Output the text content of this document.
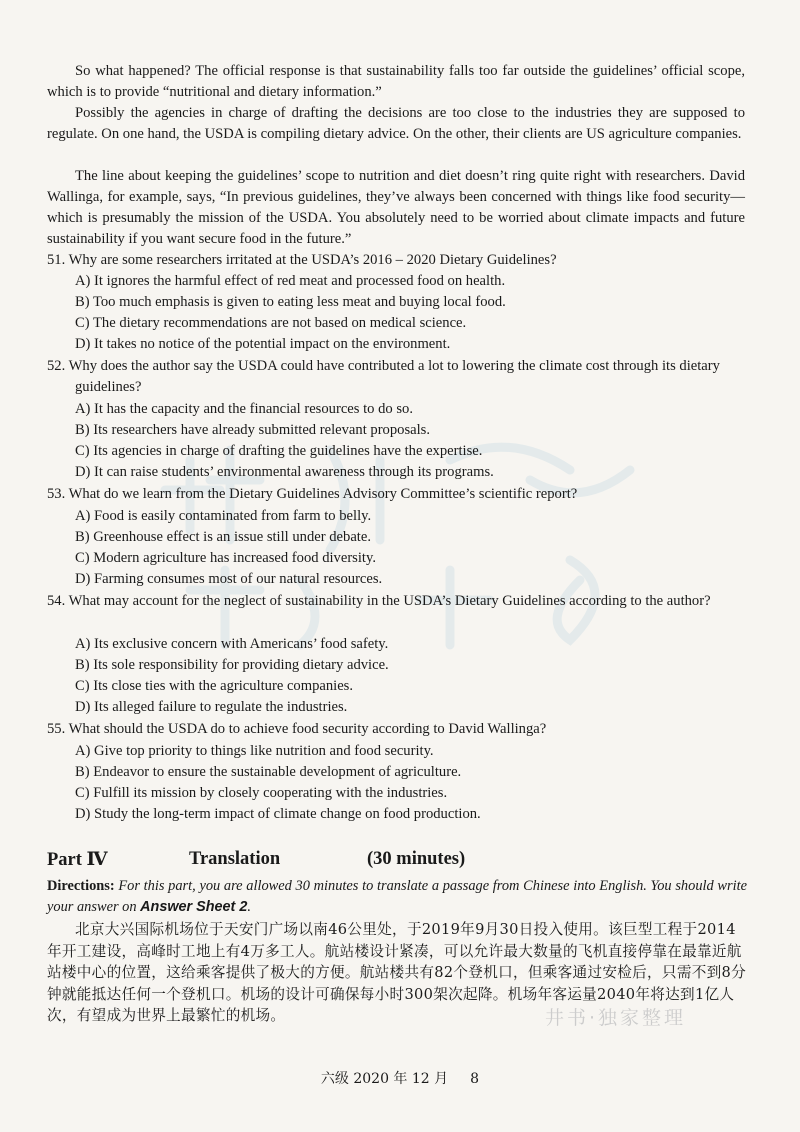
So what happened? The official response is that sustainability falls too far outside the guidelines’ official scope, which is to provide “nutritional and dietary information.”

Possibly the agencies in charge of drafting the decisions are too close to the industries they are supposed to regulate. On one hand, the USDA is compiling dietary advice. On the other, their clients are US agriculture companies.

The line about keeping the guidelines’ scope to nutrition and diet doesn’t ring quite right with researchers. David Wallinga, for example, says, “In previous guidelines, they’ve always been concerned with things like food security—which is presumably the mission of the USDA. You absolutely need to be worried about climate impacts and future sustainability if you want secure food in the future.”

51. Why are some researchers irritated at the USDA’s 2016 – 2020 Dietary Guidelines?

A) It ignores the harmful effect of red meat and processed food on health.

B) Too much emphasis is given to eating less meat and buying local food.

C) The dietary recommendations are not based on medical science.

D) It takes no notice of the potential impact on the environment.

52. Why does the author say the USDA could have contributed a lot to lowering the climate cost through its dietary guidelines?

A) It has the capacity and the financial resources to do so.

B) Its researchers have already submitted relevant proposals.

C) Its agencies in charge of drafting the guidelines have the expertise.

D) It can raise students’ environmental awareness through its programs.

53. What do we learn from the Dietary Guidelines Advisory Committee’s scientific report?

A) Food is easily contaminated from farm to belly.

B) Greenhouse effect is an issue still under debate.

C) Modern agriculture has increased food diversity.

D) Farming consumes most of our natural resources.

54. What may account for the neglect of sustainability in the USDA’s Dietary Guidelines according to the author?

A) Its exclusive concern with Americans’ food safety.

B) Its sole responsibility for providing dietary advice.

C) Its close ties with the agriculture companies.

D) Its alleged failure to regulate the industries.

55. What should the USDA do to achieve food security according to David Wallinga?

A) Give top priority to things like nutrition and food security.

B) Endeavor to ensure the sustainable development of agriculture.

C) Fulfill its mission by closely cooperating with the industries.

D) Study the long-term impact of climate change on food production.

Part Ⅳ	Translation	(30 minutes)

Directions: For this part, you are allowed 30 minutes to translate a passage from Chinese into English. You should write your answer on Answer Sheet 2.

北京大兴国际机场位于天安门广场以南46公里处，于2019年9月30日投入使用。该巨型工程于2014年开工建设，高峰时工地上有4万多工人。航站楼设计紧凑，可以允许最大数量的飞机直接停靠在最靠近航站楼中心的位置，这给乘客提供了极大的方便。航站楼共有82个登机口，但乘客通过安检后，只需不到8分钟就能抵达任何一个登机口。机场的设计可确保每小时300架次起降。机场年客运量2040年将达到1亿人次，有望成为世界上最繁忙的机场。	井书·独家整理
六级 2020 年 12 月 8
